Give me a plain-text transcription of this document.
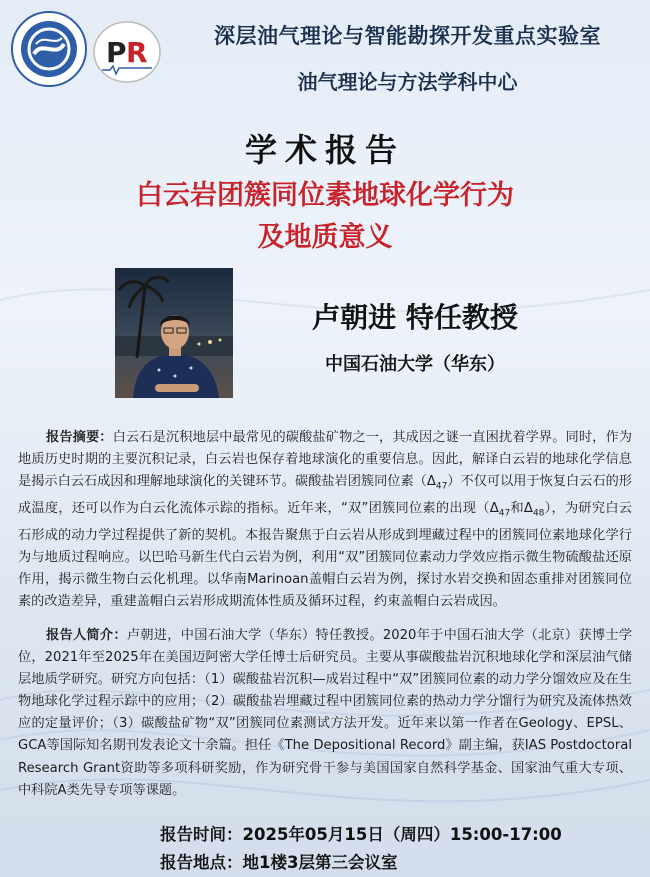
P R	深层油气理论与智能勘探开发重点实验室
油气理论与方法学科中心
学术报告
白云岩团簇同位素地球化学行为
及地质意义
卢朝进 特任教授
中国石油大学（华东）
报告摘要：白云石是沉积地层中最常见的碳酸盐矿物之一，其成因之谜一直困扰着学界。同时，作为地质历史时期的主要沉积记录，白云岩也保存着地球演化的重要信息。因此，解译白云岩的地球化学信息是揭示白云石成因和理解地球演化的关键环节。碳酸盐岩团簇同位素$(\Delta_{47})$不仅可以用于恢复白云石的形成温度，还可以作为白云化流体示踪的指标。近年来，“双”团簇同位素的出现（$\Delta_{47}$和$\Delta_{48}$），为研究白云石形成的动力学过程提供了新的契机。本报告聚焦于白云岩从形成到埋藏过程中的团簇同位素地球化学行为与地质过程响应。以巴哈马新生代白云岩为例，利用“双”团簇同位素动力学效应指示微生物硫酸盐还原作用，揭示微生物白云化机理。以华南Marinoan盖帽白云岩为例，探讨水岩交换和固态重排对团簇同位素的改造差异，重建盖帽白云岩形成期流体性质及循环过程，约束盖帽白云岩成因。
报告人简介：卢朝进，中国石油大学（华东）特任教授。2020年于中国石油大学（北京）获博士学位，2021年至2025年在美国迈阿密大学任博士后研究员。主要从事碳酸盐岩沉积地球化学和深层油气储层地质学研究。研究方向包括：（1）碳酸盐岩沉积—成岩过程中“双”团簇同位素的动力学分馏效应及在生物地球化学过程示踪中的应用；（2）碳酸盐岩埋藏过程中团簇同位素的热动力学分馏行为研究及流体热效应的定量评价；（3）碳酸盐矿物“双”团簇同位素测试方法开发。近年来以第一作者在Geology、EPSL、GCA等国际知名期刊发表论文十余篇。担任《The Depositional Record》副主编，获IAS Postdoctoral Research Grant资助等多项科研奖励，作为研究骨干参与美国国家自然科学基金、国家油气重大专项、中科院A类先导专项等课题。
报告时间：2025年05月15日（周四）15:00-17:00
报告地点：地1楼3层第三会议室
